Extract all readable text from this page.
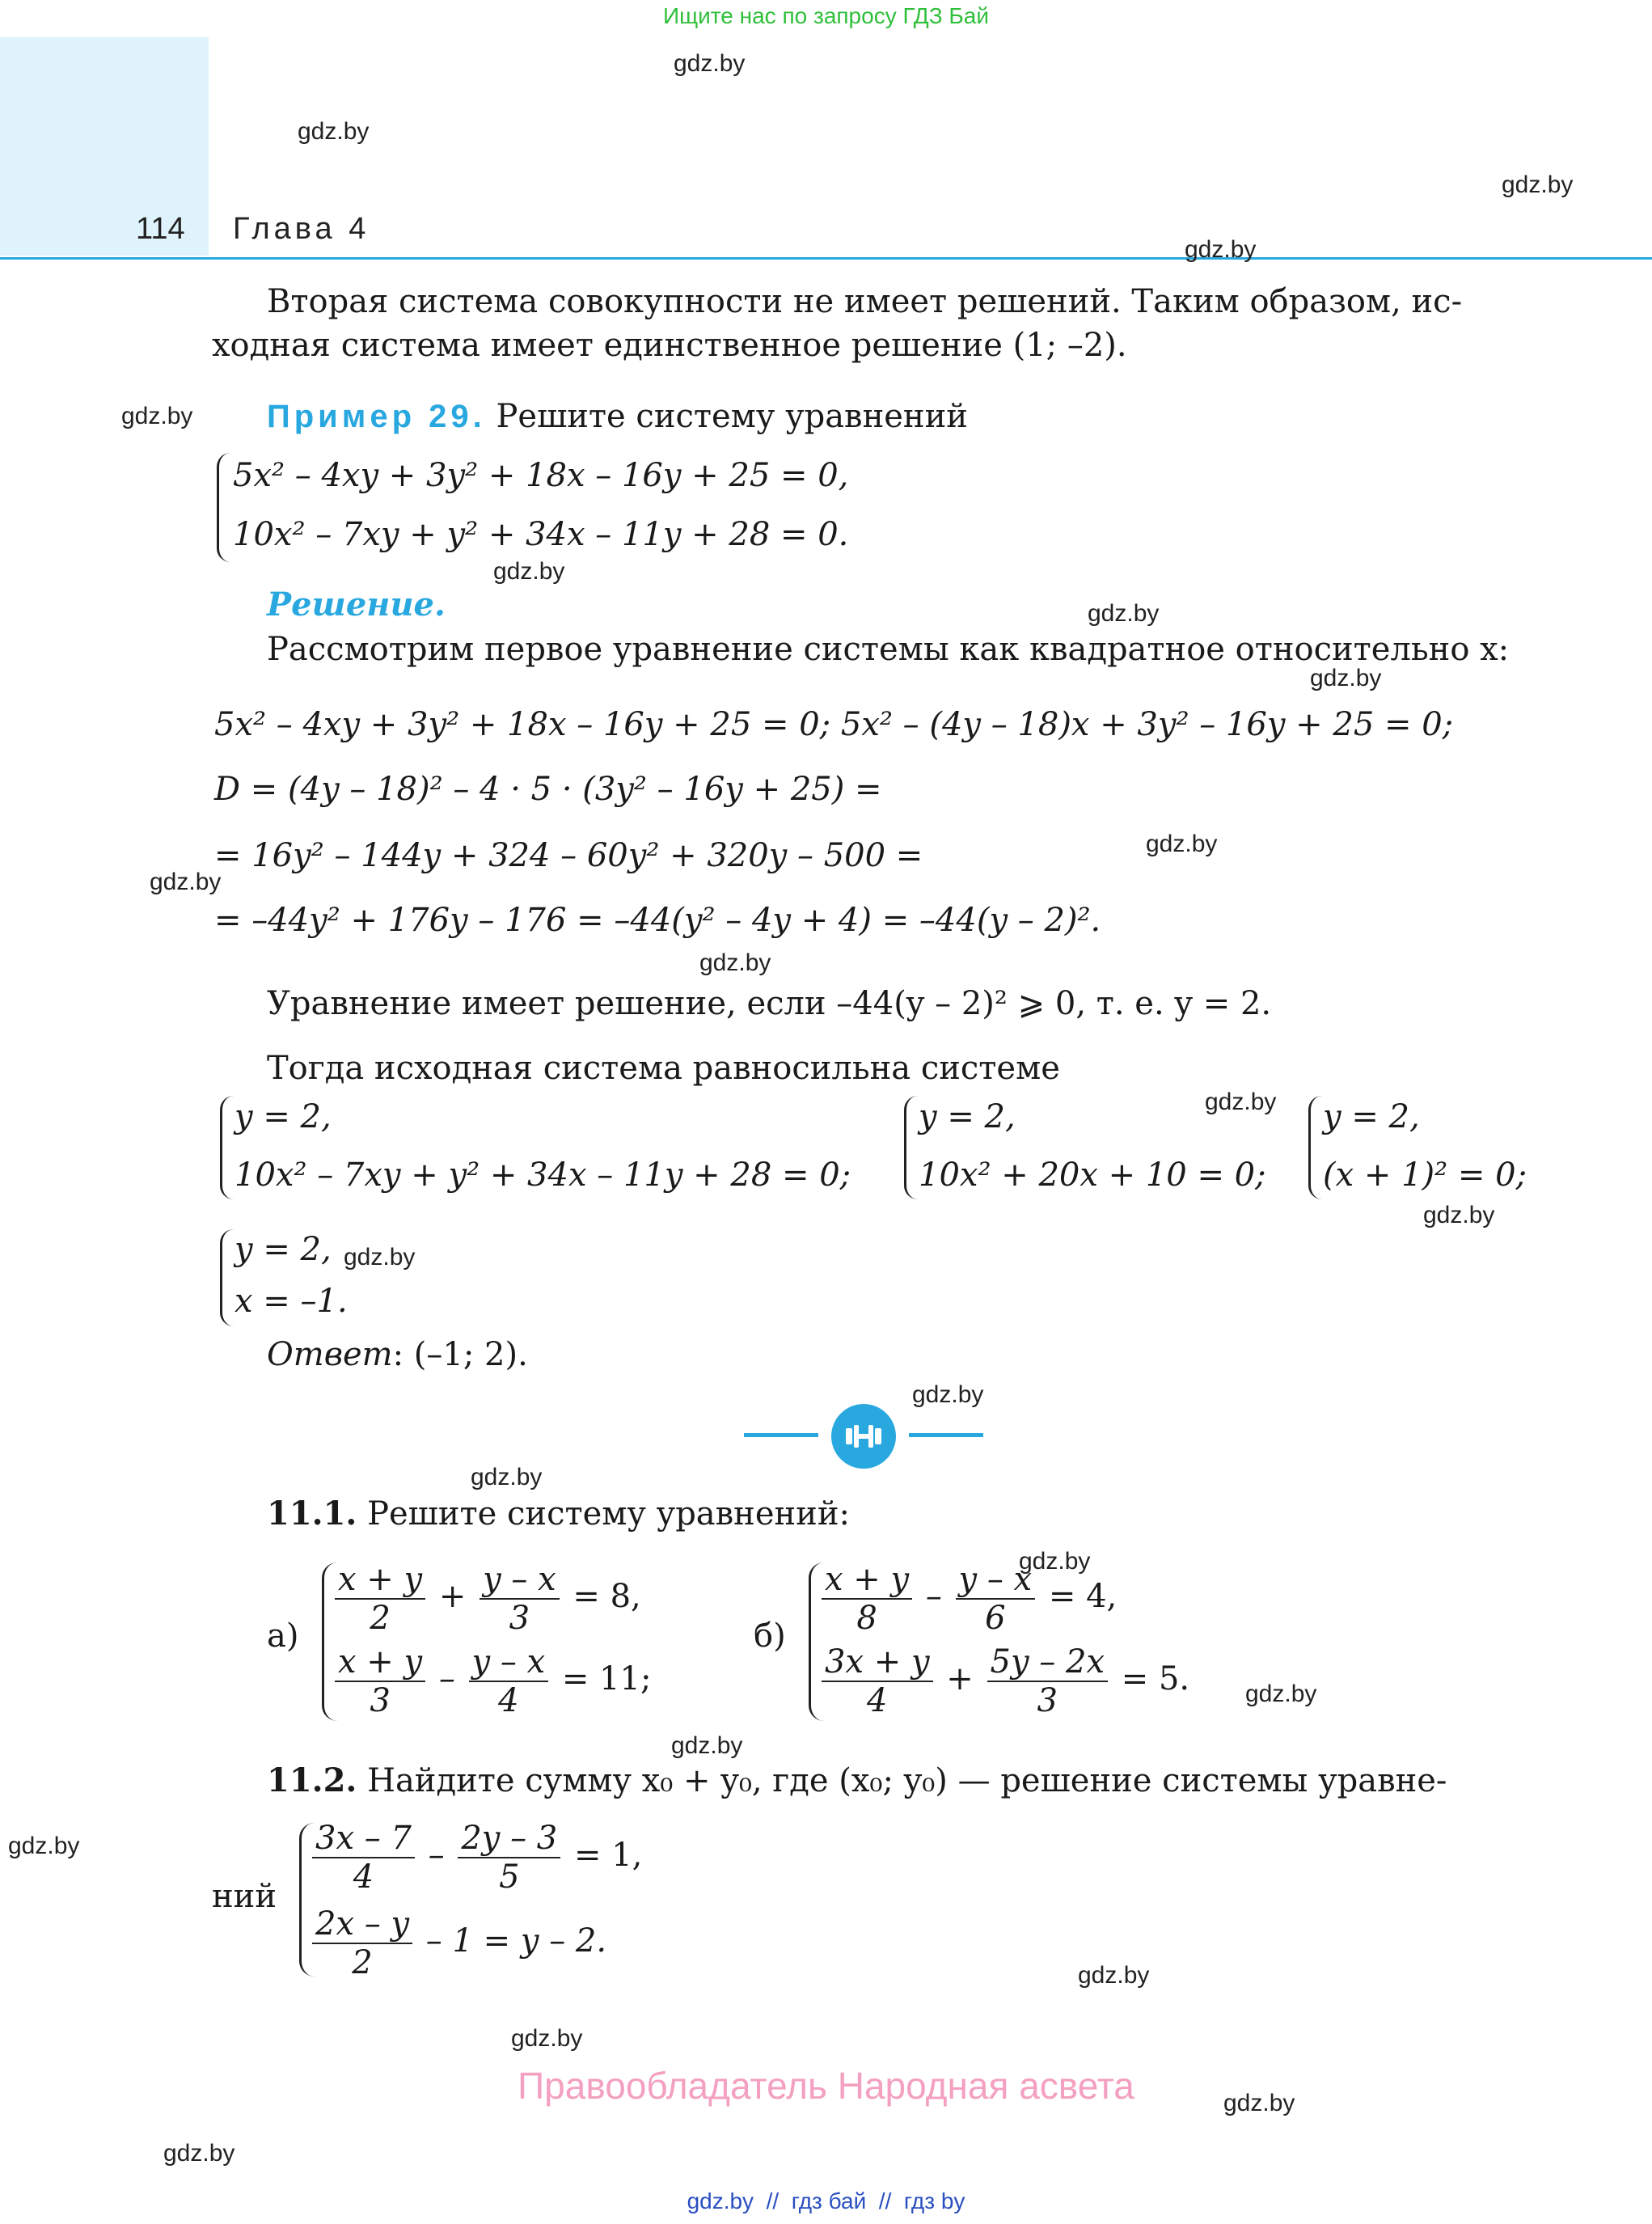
Ищите нас по запросу ГДЗ Бай
114 Глава 4
Вторая система совокупности не имеет решений. Таким образом, ис-
ходная система имеет единственное решение (1; –2).
Пример 29. Решите систему уравнений
5x² – 4xy + 3y² + 18x – 16y + 25 = 0,
10x² – 7xy + y² + 34x – 11y + 28 = 0.
Решение.
Рассмотрим первое уравнение системы как квадратное относительно x:
5x² – 4xy + 3y² + 18x – 16y + 25 = 0; 5x² – (4y – 18)x + 3y² – 16y + 25 = 0;
D = (4y – 18)² – 4 · 5 · (3y² – 16y + 25) =
= 16y² – 144y + 324 – 60y² + 320y – 500 =
= –44y² + 176y – 176 = –44(y² – 4y + 4) = –44(y – 2)².
Уравнение имеет решение, если –44(y – 2)² ⩾ 0, т. е. y = 2.
Тогда исходная система равносильна системе
y = 2,
10x² – 7xy + y² + 34x – 11y + 28 = 0;
y = 2,
10x² + 20x + 10 = 0;
y = 2,
(x + 1)² = 0;
y = 2,
x = –1.
Ответ: (–1; 2).
11.1. Решите систему уравнений:
$а) \frac{x + y}{2} + \frac{y - x}{3} = 8$,
$\frac{x + y}{3} - \frac{y - x}{4} = 11$;
$б) \frac{x + y}{8} - \frac{y - x}{6} = 4$,
$\frac{3x + y}{4} + \frac{5y - 2x}{3} = 5$.
11.2. Найдите сумму x₀ + y₀, где (x₀; y₀) — решение системы уравне-
ний
$\frac{3x - 7}{4} - \frac{2y - 3}{5} = 1$,
$\frac{2x - y}{2} - 1 = y - 2$.
Правообладатель Народная асвета
gdz.by  //  гдз бай  //  гдз by
gdz.by
gdz.by
gdz.by
gdz.by
gdz.by
gdz.by
gdz.by
gdz.by
gdz.by
gdz.by
gdz.by
gdz.by
gdz.by
gdz.by
gdz.by
gdz.by
gdz.by
gdz.by
gdz.by
gdz.by
gdz.by
gdz.by
gdz.by
gdz.by
